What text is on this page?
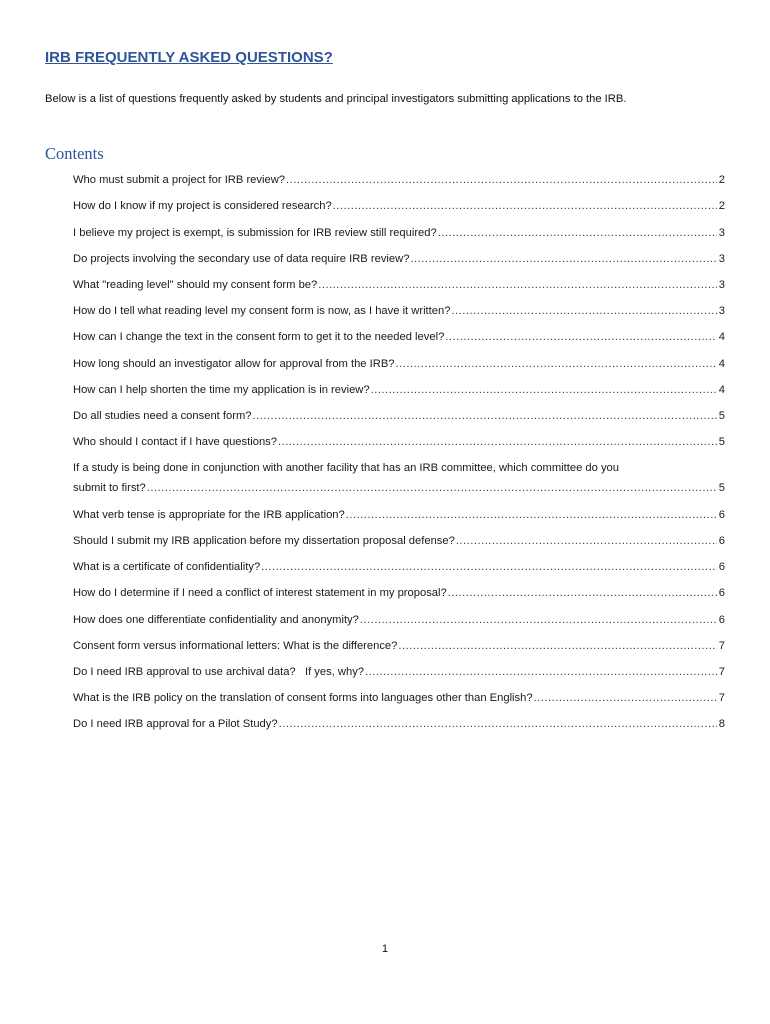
IRB FREQUENTLY ASKED QUESTIONS?
Below is a list of questions frequently asked by students and principal investigators submitting applications to the IRB.
Contents
Who must submit a project for IRB review? .....	2
How do I know if my project is considered research? .....	2
I believe my project is exempt, is submission for IRB review still required? .....	3
Do projects involving the secondary use of data require IRB review? .....	3
What "reading level" should my consent form be? .....	3
How do I tell what reading level my consent form is now, as I have it written? .....	3
How can I change the text in the consent form to get it to the needed level? .....	4
How long should an investigator allow for approval from the IRB? .....	4
How can I help shorten the time my application is in review? .....	4
Do all studies need a consent form? .....	5
Who should I contact if I have questions? .....	5
If a study is being done in conjunction with another facility that has an IRB committee, which committee do you
submit to first? .....	5
What verb tense is appropriate for the IRB application? .....	6
Should I submit my IRB application before my dissertation proposal defense? .....	6
What is a certificate of confidentiality? .....	6
How do I determine if I need a conflict of interest statement in my proposal? .....	6
How does one differentiate confidentiality and anonymity? .....	6
Consent form versus informational letters: What is the difference? .....	7
Do I need IRB approval to use archival data?   If yes, why? .....	7
What is the IRB policy on the translation of consent forms into languages other than English? .....	7
Do I need IRB approval for a Pilot Study? .....	8
1
